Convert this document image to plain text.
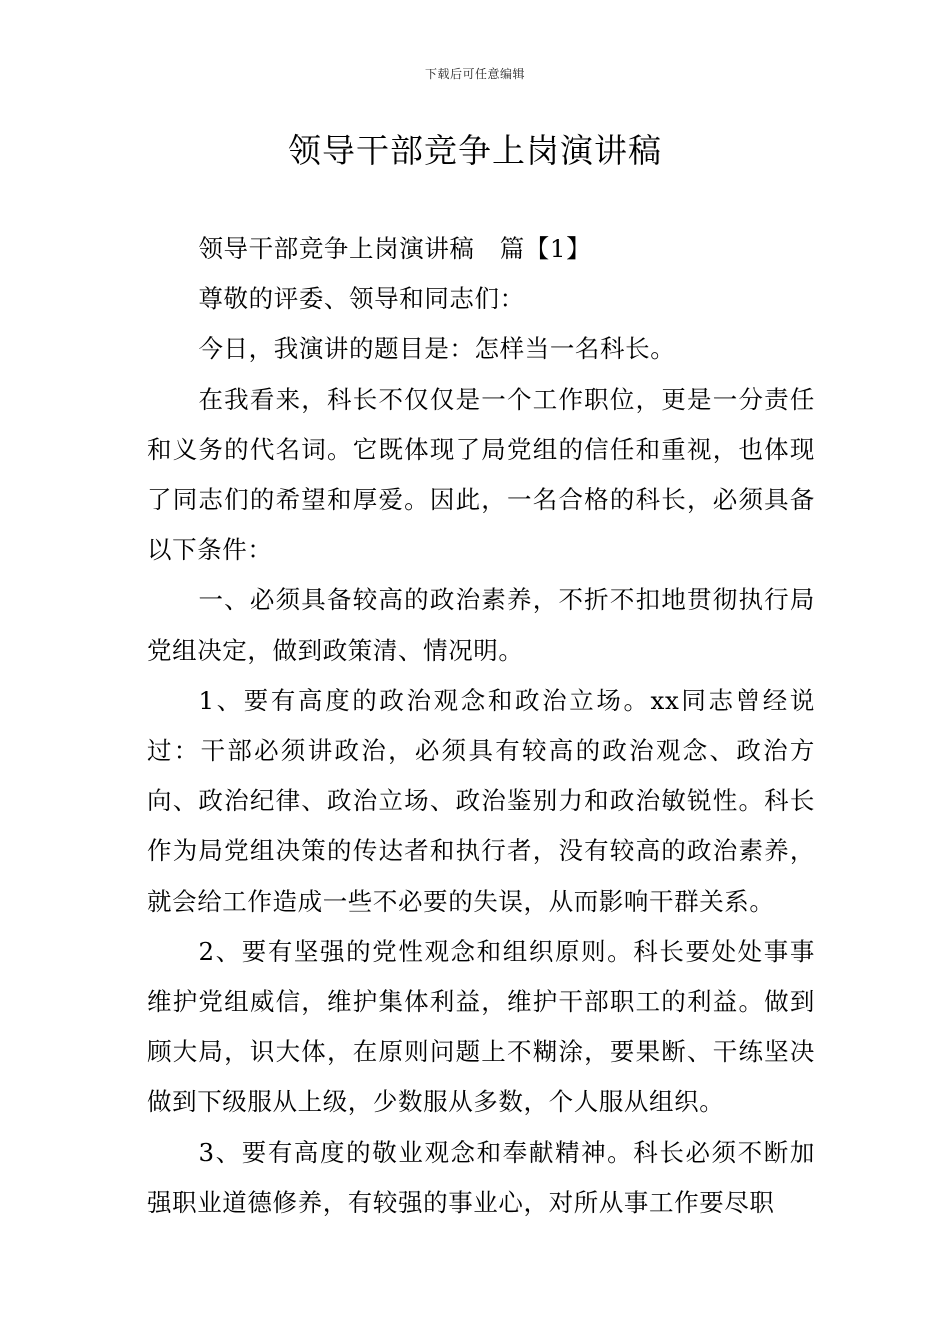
下载后可任意编辑
领导干部竞争上岗演讲稿

领导干部竞争上岗演讲稿   篇【1】

尊敬的评委、领导和同志们：

今日，我演讲的题目是：怎样当一名科长。

在我看来，科长不仅仅是一个工作职位，更是一分责任和义务的代名词。它既体现了局党组的信任和重视，也体现了同志们的希望和厚爱。因此，一名合格的科长，必须具备以下条件：

一、必须具备较高的政治素养，不折不扣地贯彻执行局党组决定，做到政策清、情况明。

1、要有高度的政治观念和政治立场。xx同志曾经说过：干部必须讲政治，必须具有较高的政治观念、政治方向、政治纪律、政治立场、政治鉴别力和政治敏锐性。科长作为局党组决策的传达者和执行者，没有较高的政治素养，就会给工作造成一些不必要的失误，从而影响干群关系。

2、要有坚强的党性观念和组织原则。科长要处处事事维护党组威信，维护集体利益，维护干部职工的利益。做到顾大局，识大体，在原则问题上不糊涂，要果断、干练坚决做到下级服从上级，少数服从多数，个人服从组织。

3、要有高度的敬业观念和奉献精神。科长必须不断加强职业道德修养，有较强的事业心，对所从事工作要尽职
